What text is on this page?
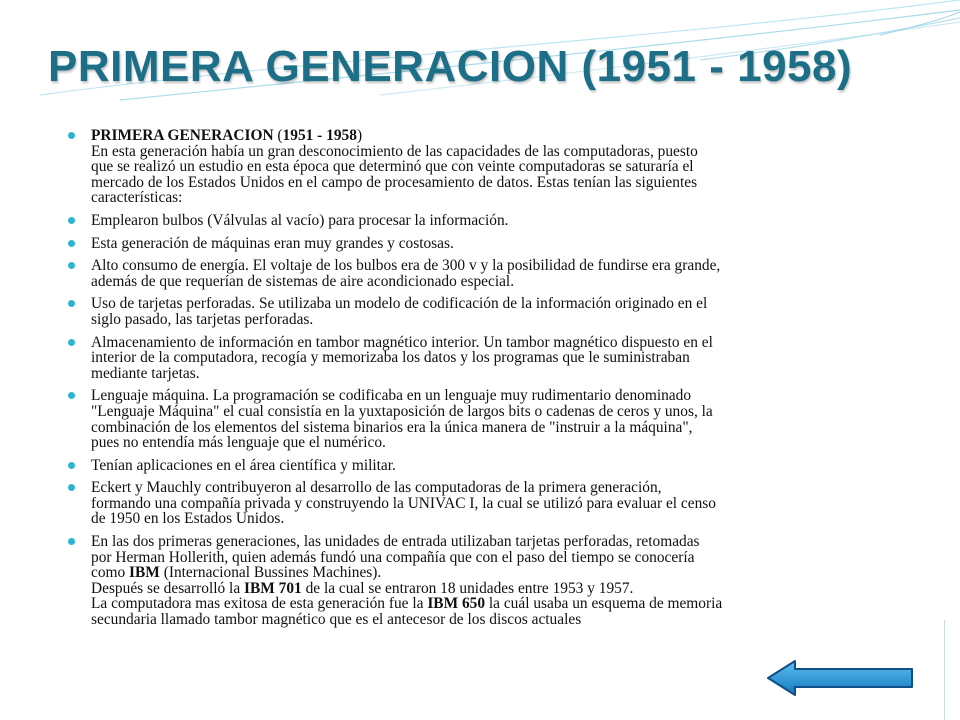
PRIMERA GENERACION (1951 - 1958)
PRIMERA GENERACION (1951 - 1958)
En esta generación había un gran desconocimiento de las capacidades de las computadoras, puesto
que se realizó un estudio en esta época que determinó que con veinte computadoras se saturaría el
mercado de los Estados Unidos en el campo de procesamiento de datos. Estas tenían las siguientes
características:
Emplearon bulbos (Válvulas al vacío) para procesar la información.
Esta generación de máquinas eran muy grandes y costosas.
Alto consumo de energía. El voltaje de los bulbos era de 300 v y la posibilidad de fundirse era grande,
además de que requerían de sistemas de aire acondicionado especial.
Uso de tarjetas perforadas. Se utilizaba un modelo de codificación de la información originado en el
siglo pasado, las tarjetas perforadas.
Almacenamiento de información en tambor magnético interior. Un tambor magnético dispuesto en el
interior de la computadora, recogía y memorizaba los datos y los programas que le suministraban
mediante tarjetas.
Lenguaje máquina. La programación se codificaba en un lenguaje muy rudimentario denominado
"Lenguaje Máquina" el cual consistía en la yuxtaposición de largos bits o cadenas de ceros y unos, la
combinación de los elementos del sistema binarios era la única manera de "instruir a la máquina",
pues no entendía más lenguaje que el numérico.
Tenían aplicaciones en el área científica y militar.
Eckert y Mauchly contribuyeron al desarrollo de las computadoras de la primera generación,
formando una compañía privada y construyendo la UNIVAC I, la cual se utilizó para evaluar el censo
de 1950 en los Estados Unidos.
En las dos primeras generaciones, las unidades de entrada utilizaban tarjetas perforadas, retomadas
por Herman Hollerith, quien además fundó una compañía que con el paso del tiempo se conocería
como IBM (Internacional Bussines Machines).
Después se desarrolló la IBM 701 de la cual se entraron 18 unidades entre 1953 y 1957.
La computadora mas exitosa de esta generación fue la IBM 650 la cuál usaba un esquema de memoria
secundaria llamado tambor magnético que es el antecesor de los discos actuales
